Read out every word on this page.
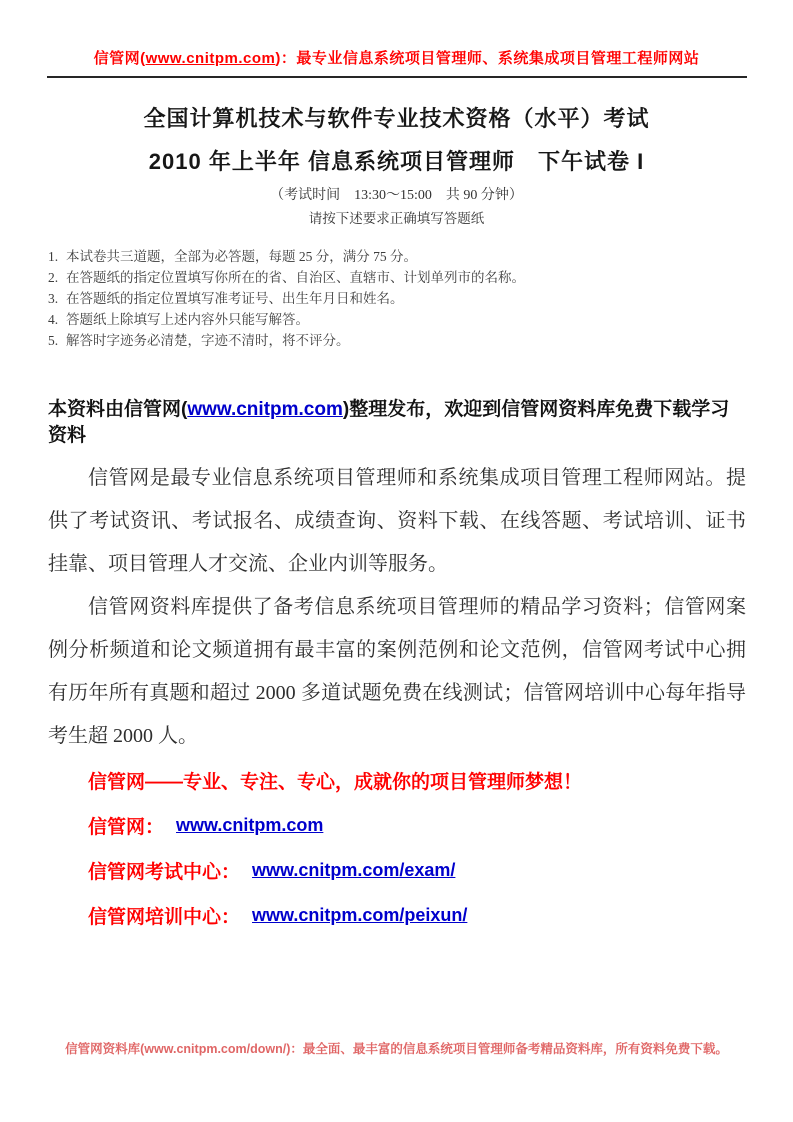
信管网(www.cnitpm.com)：最专业信息系统项目管理师、系统集成项目管理工程师网站
全国计算机技术与软件专业技术资格（水平）考试
2010 年上半年 信息系统项目管理师　下午试卷 I
（考试时间　13:30～15:00　共 90 分钟）
请按下述要求正确填写答题纸
1. 本试卷共三道题，全部为必答题，每题 25 分，满分 75 分。
2. 在答题纸的指定位置填写你所在的省、自治区、直辖市、计划单列市的名称。
3. 在答题纸的指定位置填写准考证号、出生年月日和姓名。
4. 答题纸上除填写上述内容外只能写解答。
5. 解答时字迹务必清楚，字迹不清时，将不评分。
本资料由信管网(www.cnitpm.com)整理发布，欢迎到信管网资料库免费下载学习资料

信管网是最专业信息系统项目管理师和系统集成项目管理工程师网站。提供了考试资讯、考试报名、成绩查询、资料下载、在线答题、考试培训、证书挂靠、项目管理人才交流、企业内训等服务。

信管网资料库提供了备考信息系统项目管理师的精品学习资料；信管网案例分析频道和论文频道拥有最丰富的案例范例和论文范例，信管网考试中心拥有历年所有真题和超过 2000 多道试题免费在线测试；信管网培训中心每年指导考生超 2000 人。

信管网——专业、专注、专心，成就你的项目管理师梦想！
信管网： www.cnitpm.com
信管网考试中心： www.cnitpm.com/exam/
信管网培训中心： www.cnitpm.com/peixun/
信管网资料库(www.cnitpm.com/down/)：最全面、最丰富的信息系统项目管理师备考精品资料库，所有资料免费下载。
